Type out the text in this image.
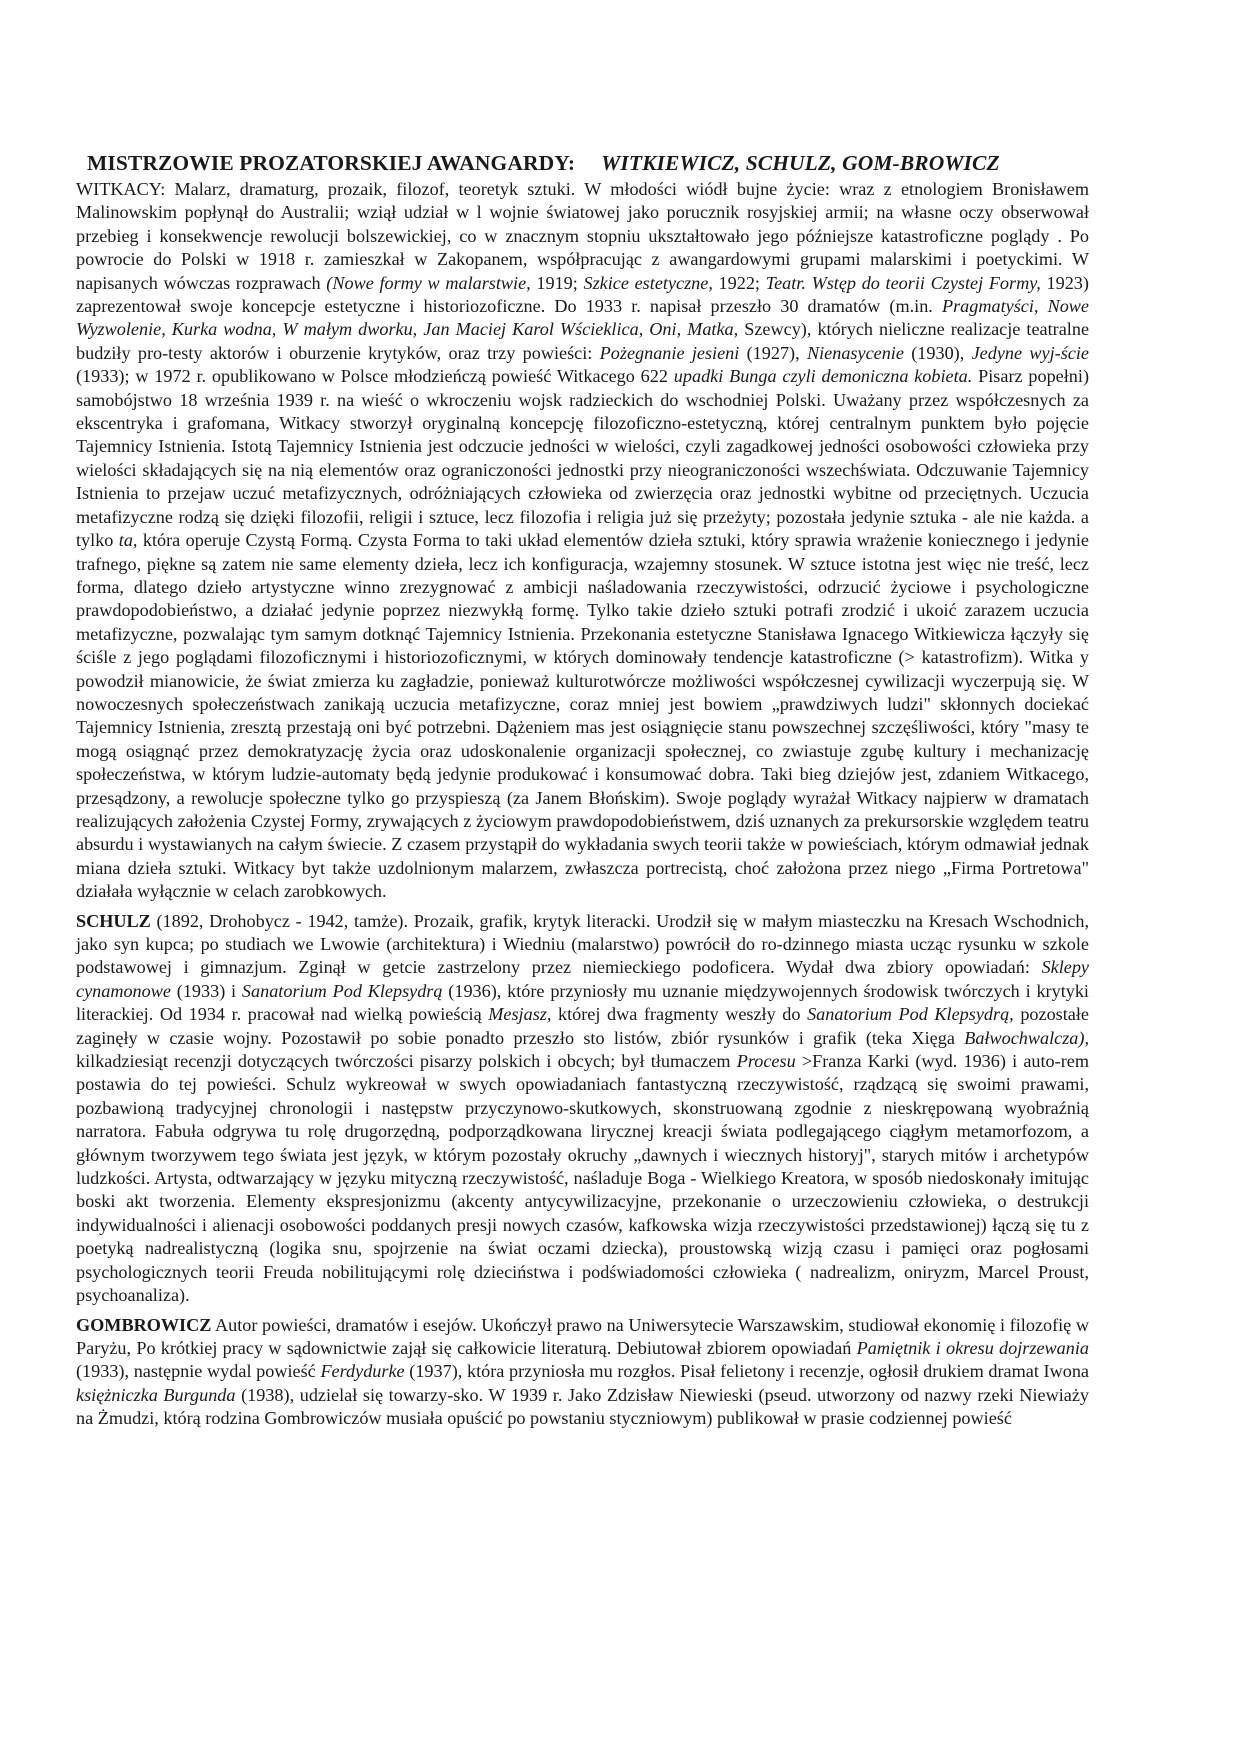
MISTRZOWIE PROZATORSKIEJ AWANGARDY: WITKIEWICZ, SCHULZ, GOM-BROWICZ

WITKACY: Malarz, dramaturg, prozaik, filozof, teoretyk sztuki. W młodości wiódł bujne życie: wraz z etnologiem Bronisławem Malinowskim popłynął do Australii; wziął udział w l wojnie światowej jako porucznik rosyjskiej armii; na własne oczy obserwował przebieg i konsekwencje rewolucji bolszewickiej, co w znacznym stopniu ukształtowało jego późniejsze katastroficzne poglądy . Po powrocie do Polski w 1918 r. zamieszkał w Zakopanem, współpracując z awangardowymi grupami malarskimi i poetyckimi. W napisanych wówczas rozprawach (Nowe formy w malarstwie, 1919; Szkice estetyczne, 1922; Teatr. Wstęp do teorii Czystej Formy, 1923) zaprezentował swoje koncepcje estetyczne i historiozoficzne. Do 1933 r. napisał przeszło 30 dramatów (m.in. Pragmatyści, Nowe Wyzwolenie, Kurka wodna, W małym dworku, Jan Maciej Karol Wścieklica, Oni, Matka, Szewcy), których nieliczne realizacje teatralne budziły pro-testy aktorów i oburzenie krytyków, oraz trzy powieści: Pożegnanie jesieni (1927), Nienasycenie (1930), Jedyne wyj-ście (1933); w 1972 r. opublikowano w Polsce młodzieńczą powieść Witkacego 622 upadki Bunga czyli demoniczna kobieta. Pisarz popełni) samobójstwo 18 września 1939 r. na wieść o wkroczeniu wojsk radzieckich do wschodniej Polski. Uważany przez współczesnych za ekscentryka i grafomana, Witkacy stworzył oryginalną koncepcję filozoficzno-estetyczną, której centralnym punktem było pojęcie Tajemnicy Istnienia. Istotą Tajemnicy Istnienia jest odczucie jedności w wielości, czyli zagadkowej jedności osobowości człowieka przy wielości składających się na nią elementów oraz ograniczoności jednostki przy nieograniczoności wszechświata. Odczuwanie Tajemnicy Istnienia to przejaw uczuć metafizycznych, odróżniających człowieka od zwierzęcia oraz jednostki wybitne od przeciętnych. Uczucia metafizyczne rodzą się dzięki filozofii, religii i sztuce, lecz filozofia i religia już się przeżyty; pozostała jedynie sztuka - ale nie każda. a tylko ta, która operuje Czystą Formą. Czysta Forma to taki układ elementów dzieła sztuki, który sprawia wrażenie koniecznego i jedynie trafnego, piękne są zatem nie same elementy dzieła, lecz ich konfiguracja, wzajemny stosunek. W sztuce istotna jest więc nie treść, lecz forma, dlatego dzieło artystyczne winno zrezygnować z ambicji naśladowania rzeczywistości, odrzucić życiowe i psychologiczne prawdopodobieństwo, a działać jedynie poprzez niezwykłą formę. Tylko takie dzieło sztuki potrafi zrodzić i ukoić zarazem uczucia metafizyczne, pozwalając tym samym dotknąć Tajemnicy Istnienia. Przekonania estetyczne Stanisława Ignacego Witkiewicza łączyły się ściśle z jego poglądami filozoficznymi i historiozoficznymi, w których dominowały tendencje katastroficzne (> katastrofizm). Witka y powodził mianowicie, że świat zmierza ku zagładzie, ponieważ kulturotwórcze możliwości współczesnej cywilizacji wyczerpują się. W nowoczesnych społeczeństwach zanikają uczucia metafizyczne, coraz mniej jest bowiem „prawdziwych ludzi" skłonnych dociekać Tajemnicy Istnienia, zresztą przestają oni być potrzebni. Dążeniem mas jest osiągnięcie stanu powszechnej szczęśliwości, który "masy te mogą osiągnąć przez demokratyzację życia oraz udoskonalenie organizacji społecznej, co zwiastuje zgubę kultury i mechanizację społeczeństwa, w którym ludzie-automaty będą jedynie produkować i konsumować dobra. Taki bieg dziejów jest, zdaniem Witkacego, przesądzony, a rewolucje społeczne tylko go przyspieszą (za Janem Błońskim). Swoje poglądy wyrażał Witkacy najpierw w dramatach realizujących założenia Czystej Formy, zrywających z życiowym prawdopodobieństwem, dziś uznanych za prekursorskie względem teatru absurdu i wystawianych na całym świecie. Z czasem przystąpił do wykładania swych teorii także w powieściach, którym odmawiał jednak miana dzieła sztuki. Witkacy byt także uzdolnionym malarzem, zwłaszcza portrecistą, choć założona przez niego „Firma Portretowa" działała wyłącznie w celach zarobkowych.

SCHULZ (1892, Drohobycz - 1942, tamże). Prozaik, grafik, krytyk literacki. Urodził się w małym miasteczku na Kresach Wschodnich, jako syn kupca; po studiach we Lwowie (architektura) i Wiedniu (malarstwo) powrócił do ro-dzinnego miasta ucząc rysunku w szkole podstawowej i gimnazjum. Zginął w getcie zastrzelony przez niemieckiego podoficera. Wydał dwa zbiory opowiadań: Sklepy cynamonowe (1933) i Sanatorium Pod Klepsydrą (1936), które przyniosły mu uznanie międzywojennych środowisk twórczych i krytyki literackiej. Od 1934 r. pracował nad wielką powieścią Mesjasz, której dwa fragmenty weszły do Sanatorium Pod Klepsydrą, pozostałe zaginęły w czasie wojny. Pozostawił po sobie ponadto przeszło sto listów, zbiór rysunków i grafik (teka Xięga Bałwochwalcza), kilkadziesiąt recenzji dotyczących twórczości pisarzy polskich i obcych; był tłumaczem Procesu >Franza Karki (wyd. 1936) i auto-rem postawia do tej powieści. Schulz wykreował w swych opowiadaniach fantastyczną rzeczywistość, rządzącą się swoimi prawami, pozbawioną tradycyjnej chronologii i następstw przyczynowo-skutkowych, skonstruowaną zgodnie z nieskrępowaną wyobraźnią narratora. Fabuła odgrywa tu rolę drugorzędną, podporządkowana lirycznej kreacji świata podlegającego ciągłym metamorfozom, a głównym tworzywem tego świata jest język, w którym pozostały okruchy „dawnych i wiecznych historyj", starych mitów i archetypów ludzkości. Artysta, odtwarzający w języku mityczną rzeczywistość, naśladuje Boga - Wielkiego Kreatora, w sposób niedoskonały imitując boski akt tworzenia. Elementy ekspresjonizmu (akcenty antycywilizacyjne, przekonanie o urzeczowieniu człowieka, o destrukcji indywidualności i alienacji osobowości poddanych presji nowych czasów, kafkowska wizja rzeczywistości przedstawionej) łączą się tu z poetyką nadrealistyczną (logika snu, spojrzenie na świat oczami dziecka), proustowską wizją czasu i pamięci oraz pogłosami psychologicznych teorii Freuda nobilitującymi rolę dzieciństwa i podświadomości człowieka ( nadrealizm, oniryzm, Marcel Proust, psychoanaliza).

GOMBROWICZ Autor powieści, dramatów i esejów. Ukończył prawo na Uniwersytecie Warszawskim, studiował ekonomię i filozofię w Paryżu, Po krótkiej pracy w sądownictwie zajął się całkowicie literaturą. Debiutował zbiorem opowiadań Pamiętnik i okresu dojrzewania (1933), następnie wydal powieść Ferdydurke (1937), która przyniosła mu rozgłos. Pisał felietony i recenzje, ogłosił drukiem dramat Iwona księżniczka Burgunda (1938), udzielał się towarzy-sko. W 1939 r. Jako Zdzisław Niewieski (pseud. utworzony od nazwy rzeki Niewiaży na Żmudzi, którą rodzina Gombrowiczów musiała opuścić po powstaniu styczniowym) publikował w prasie codziennej powieść
